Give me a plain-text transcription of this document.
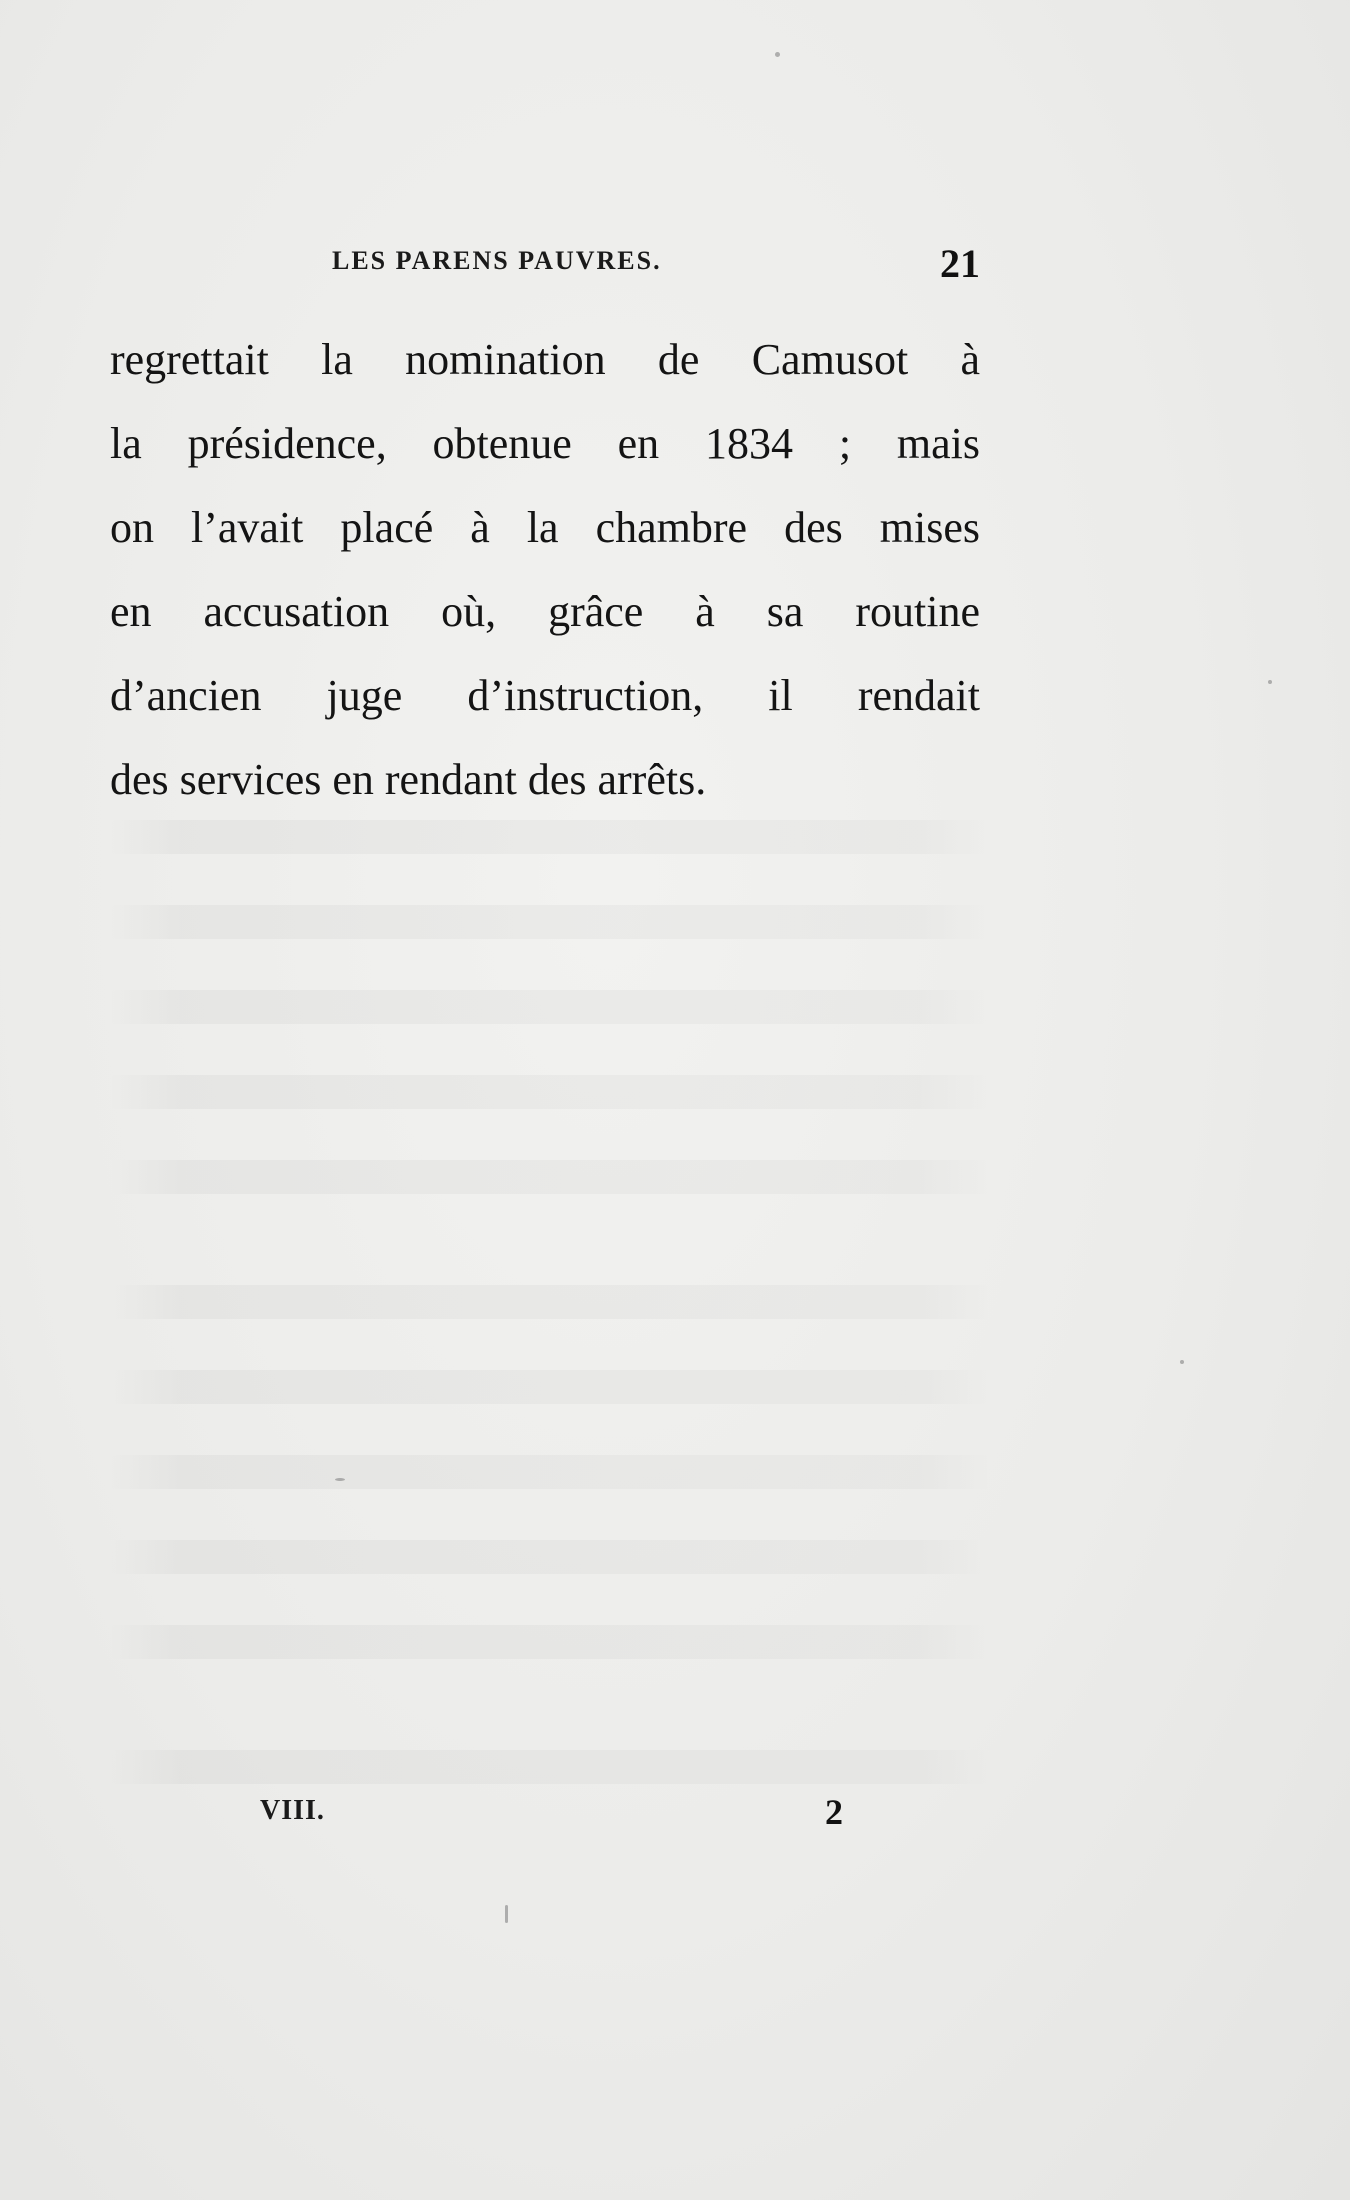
LES PARENS PAUVRES.	21
regrettait la nomination de Camusot à
la présidence, obtenue en 1834 ; mais
on l’avait placé à la chambre des mises
en accusation où, grâce à sa routine
d’ancien juge d’instruction, il rendait
des services en rendant des arrêts.
VIII.	2
